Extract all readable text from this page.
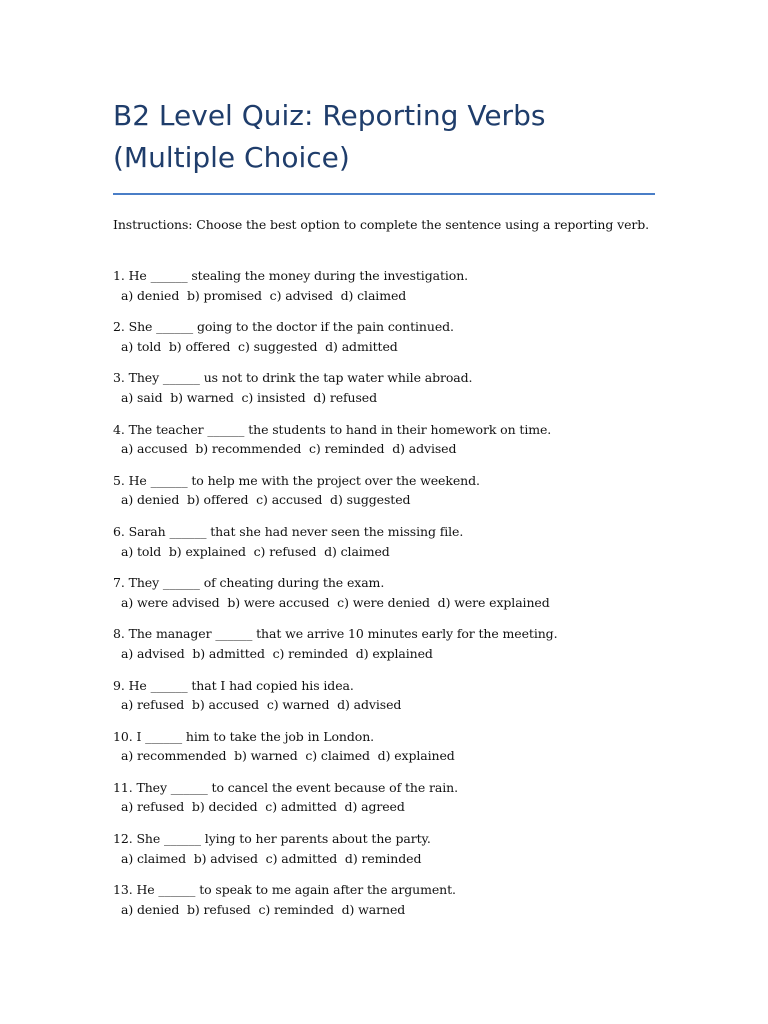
B2 Level Quiz: Reporting Verbs
(Multiple Choice)
Instructions: Choose the best option to complete the sentence using a reporting verb.
1. He ______ stealing the money during the investigation.
a) denied  b) promised  c) advised  d) claimed
2. She ______ going to the doctor if the pain continued.
a) told  b) offered  c) suggested  d) admitted
3. They ______ us not to drink the tap water while abroad.
a) said  b) warned  c) insisted  d) refused
4. The teacher ______ the students to hand in their homework on time.
a) accused  b) recommended  c) reminded  d) advised
5. He ______ to help me with the project over the weekend.
a) denied  b) offered  c) accused  d) suggested
6. Sarah ______ that she had never seen the missing file.
a) told  b) explained  c) refused  d) claimed
7. They ______ of cheating during the exam.
a) were advised  b) were accused  c) were denied  d) were explained
8. The manager ______ that we arrive 10 minutes early for the meeting.
a) advised  b) admitted  c) reminded  d) explained
9. He ______ that I had copied his idea.
a) refused  b) accused  c) warned  d) advised
10. I ______ him to take the job in London.
a) recommended  b) warned  c) claimed  d) explained
11. They ______ to cancel the event because of the rain.
a) refused  b) decided  c) admitted  d) agreed
12. She ______ lying to her parents about the party.
a) claimed  b) advised  c) admitted  d) reminded
13. He ______ to speak to me again after the argument.
a) denied  b) refused  c) reminded  d) warned
